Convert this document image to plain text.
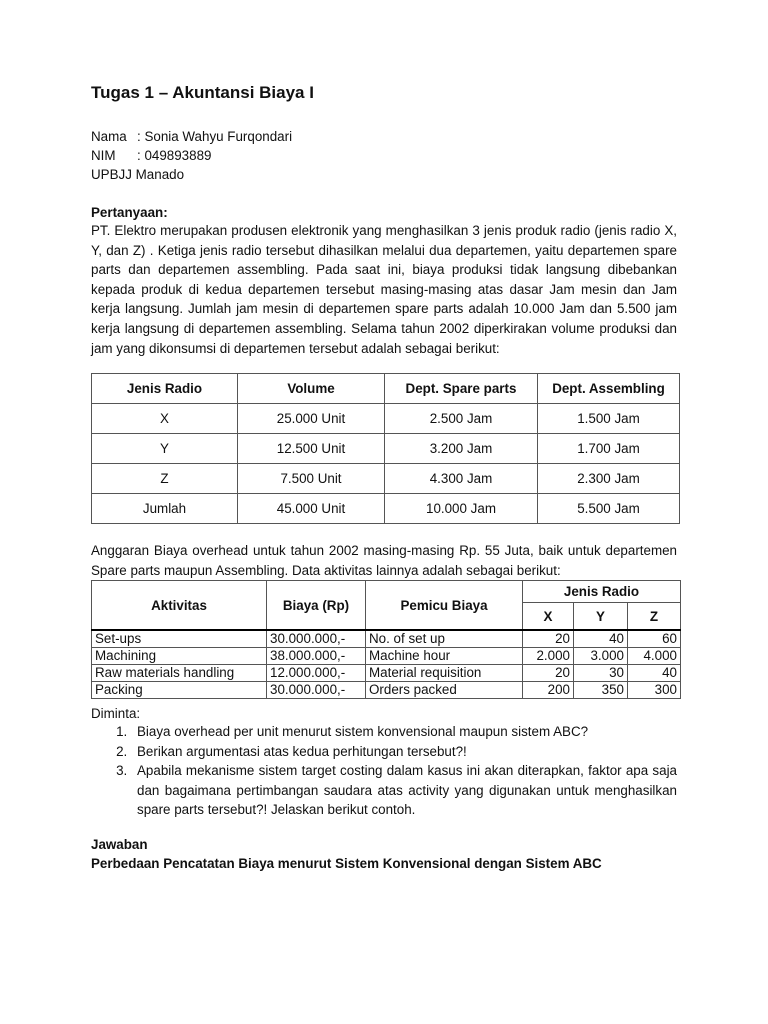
Tugas 1 – Akuntansi Biaya I
Nama : Sonia Wahyu Furqondari
NIM : 049893889
UPBJJ Manado
Pertanyaan:

PT. Elektro merupakan produsen elektronik yang menghasilkan 3 jenis produk radio (jenis radio X, Y, dan Z) . Ketiga jenis radio tersebut dihasilkan melalui dua departemen, yaitu departemen spare parts dan departemen assembling. Pada saat ini, biaya produksi tidak langsung dibebankan kepada produk di kedua departemen tersebut masing-masing atas dasar Jam mesin dan Jam kerja langsung. Jumlah jam mesin di departemen spare parts adalah 10.000 Jam dan 5.500 jam kerja langsung di departemen assembling. Selama tahun 2002 diperkirakan volume produksi dan jam yang dikonsumsi di departemen tersebut adalah sebagai berikut:

Jenis Radio	Volume	Dept. Spare parts	Dept. Assembling
X	25.000 Unit	2.500 Jam	1.500 Jam
Y	12.500 Unit	3.200 Jam	1.700 Jam
Z	7.500 Unit	4.300 Jam	2.300 Jam
Jumlah	45.000 Unit	10.000 Jam	5.500 Jam

Anggaran Biaya overhead untuk tahun 2002 masing-masing Rp. 55 Juta, baik untuk departemen Spare parts maupun Assembling. Data aktivitas lainnya adalah sebagai berikut:

Aktivitas	Biaya (Rp)	Pemicu Biaya	Jenis Radio		
			X	Y	Z
Set-ups	30.000.000,-	No. of set up	20	40	60
Machining	38.000.000,-	Machine hour	2.000	3.000	4.000
Raw materials handling	12.000.000,-	Material requisition	20	30	40
Packing	30.000.000,-	Orders packed	200	350	300
Diminta:
1. Biaya overhead per unit menurut sistem konvensional maupun sistem ABC?
2. Berikan argumentasi atas kedua perhitungan tersebut?!
3. Apabila mekanisme sistem target costing dalam kasus ini akan diterapkan, faktor apa saja dan bagaimana pertimbangan saudara atas activity yang digunakan untuk menghasilkan spare parts tersebut?! Jelaskan berikut contoh.
Jawaban
Perbedaan Pencatatan Biaya menurut Sistem Konvensional dengan Sistem ABC
